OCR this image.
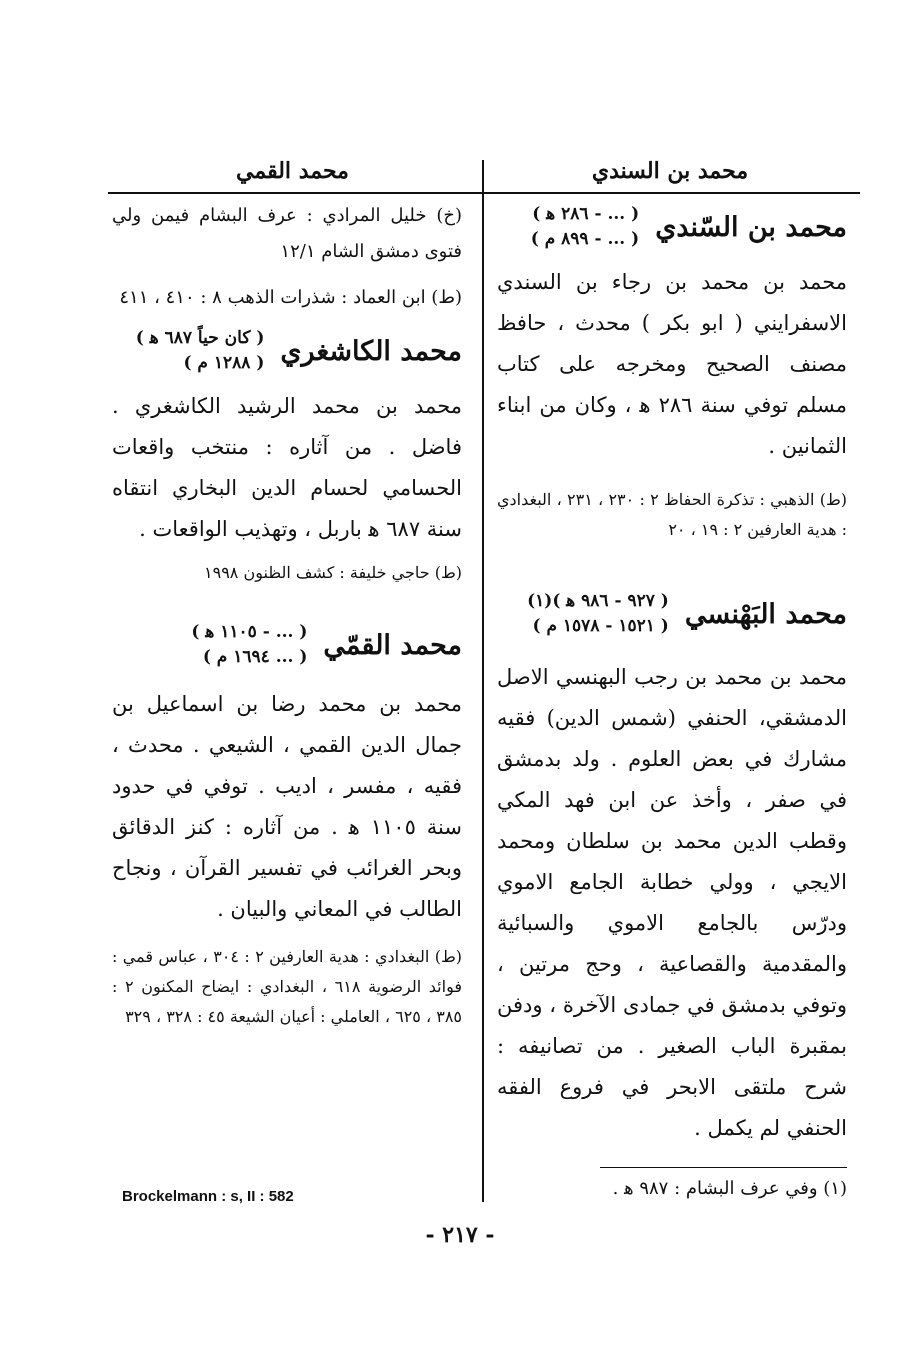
محمد بن السندي
محمد القمي
محمد بن السّندي
( ... - ٢٨٦ ﻫ )
( ... - ٨٩٩ م )

محمد بن محمد بن رجاء بن السندي الاسفرايني ( ابو بكر ) محدث ، حافظ مصنف الصحيح ومخرجه على كتاب مسلم توفي سنة ٢٨٦ ﻫ ، وكان من ابناء الثمانين .

(ط) الذهبي : تذكرة الحفاظ ٢ : ٢٣٠ ، ٢٣١ ، البغدادي : هدية العارفين ٢ : ١٩ ، ٢٠

محمد البَهْنسي
( ٩٢٧ - ٩٨٦ ﻫ )(١)
( ١٥٢١ - ١٥٧٨ م )

محمد بن محمد بن رجب البهنسي الاصل الدمشقي، الحنفي (شمس الدين) فقيه مشارك في بعض العلوم . ولد بدمشق في صفر ، وأخذ عن ابن فهد المكي وقطب الدين محمد بن سلطان ومحمد الايجي ، وولي خطابة الجامع الاموي ودرّس بالجامع الاموي والسبائية والمقدمية والقصاعية ، وحج مرتين ، وتوفي بدمشق في جمادى الآخرة ، ودفن بمقبرة الباب الصغير . من تصانيفه : شرح ملتقى الابحر في فروع الفقه الحنفي لم يكمل .

(١) وفي عرف البشام : ٩٨٧ ﻫ .

(خ) خليل المرادي : عرف البشام فيمن ولي فتوى دمشق الشام ١٢/١

(ط) ابن العماد : شذرات الذهب ٨ : ٤١٠ ، ٤١١

محمد الكاشغري
( كان حياً ٦٨٧ ﻫ )
( ١٢٨٨ م )

محمد بن محمد الرشيد الكاشغري . فاضل . من آثاره : منتخب واقعات الحسامي لحسام الدين البخاري انتقاه سنة ٦٨٧ ﻫ باربل ، وتهذيب الواقعات .

(ط) حاجي خليفة : كشف الظنون ١٩٩٨

محمد القمّي
( ... - ١١٠٥ ﻫ )
( ... ١٦٩٤ م )

محمد بن محمد رضا بن اسماعيل بن جمال الدين القمي ، الشيعي . محدث ، فقيه ، مفسر ، اديب . توفي في حدود سنة ١١٠٥ ﻫ . من آثاره : كنز الدقائق وبحر الغرائب في تفسير القرآن ، ونجاح الطالب في المعاني والبيان .

(ط) البغدادي : هدية العارفين ٢ : ٣٠٤ ، عباس قمي : فوائد الرضوية ٦١٨ ، البغدادي : ايضاح المكنون ٢ : ٣٨٥ ، ٦٢٥ ، العاملي : أعيان الشيعة ٤٥ : ٣٢٨ ، ٣٢٩

Brockelmann : s, II : 582
- ٢١٧ -
